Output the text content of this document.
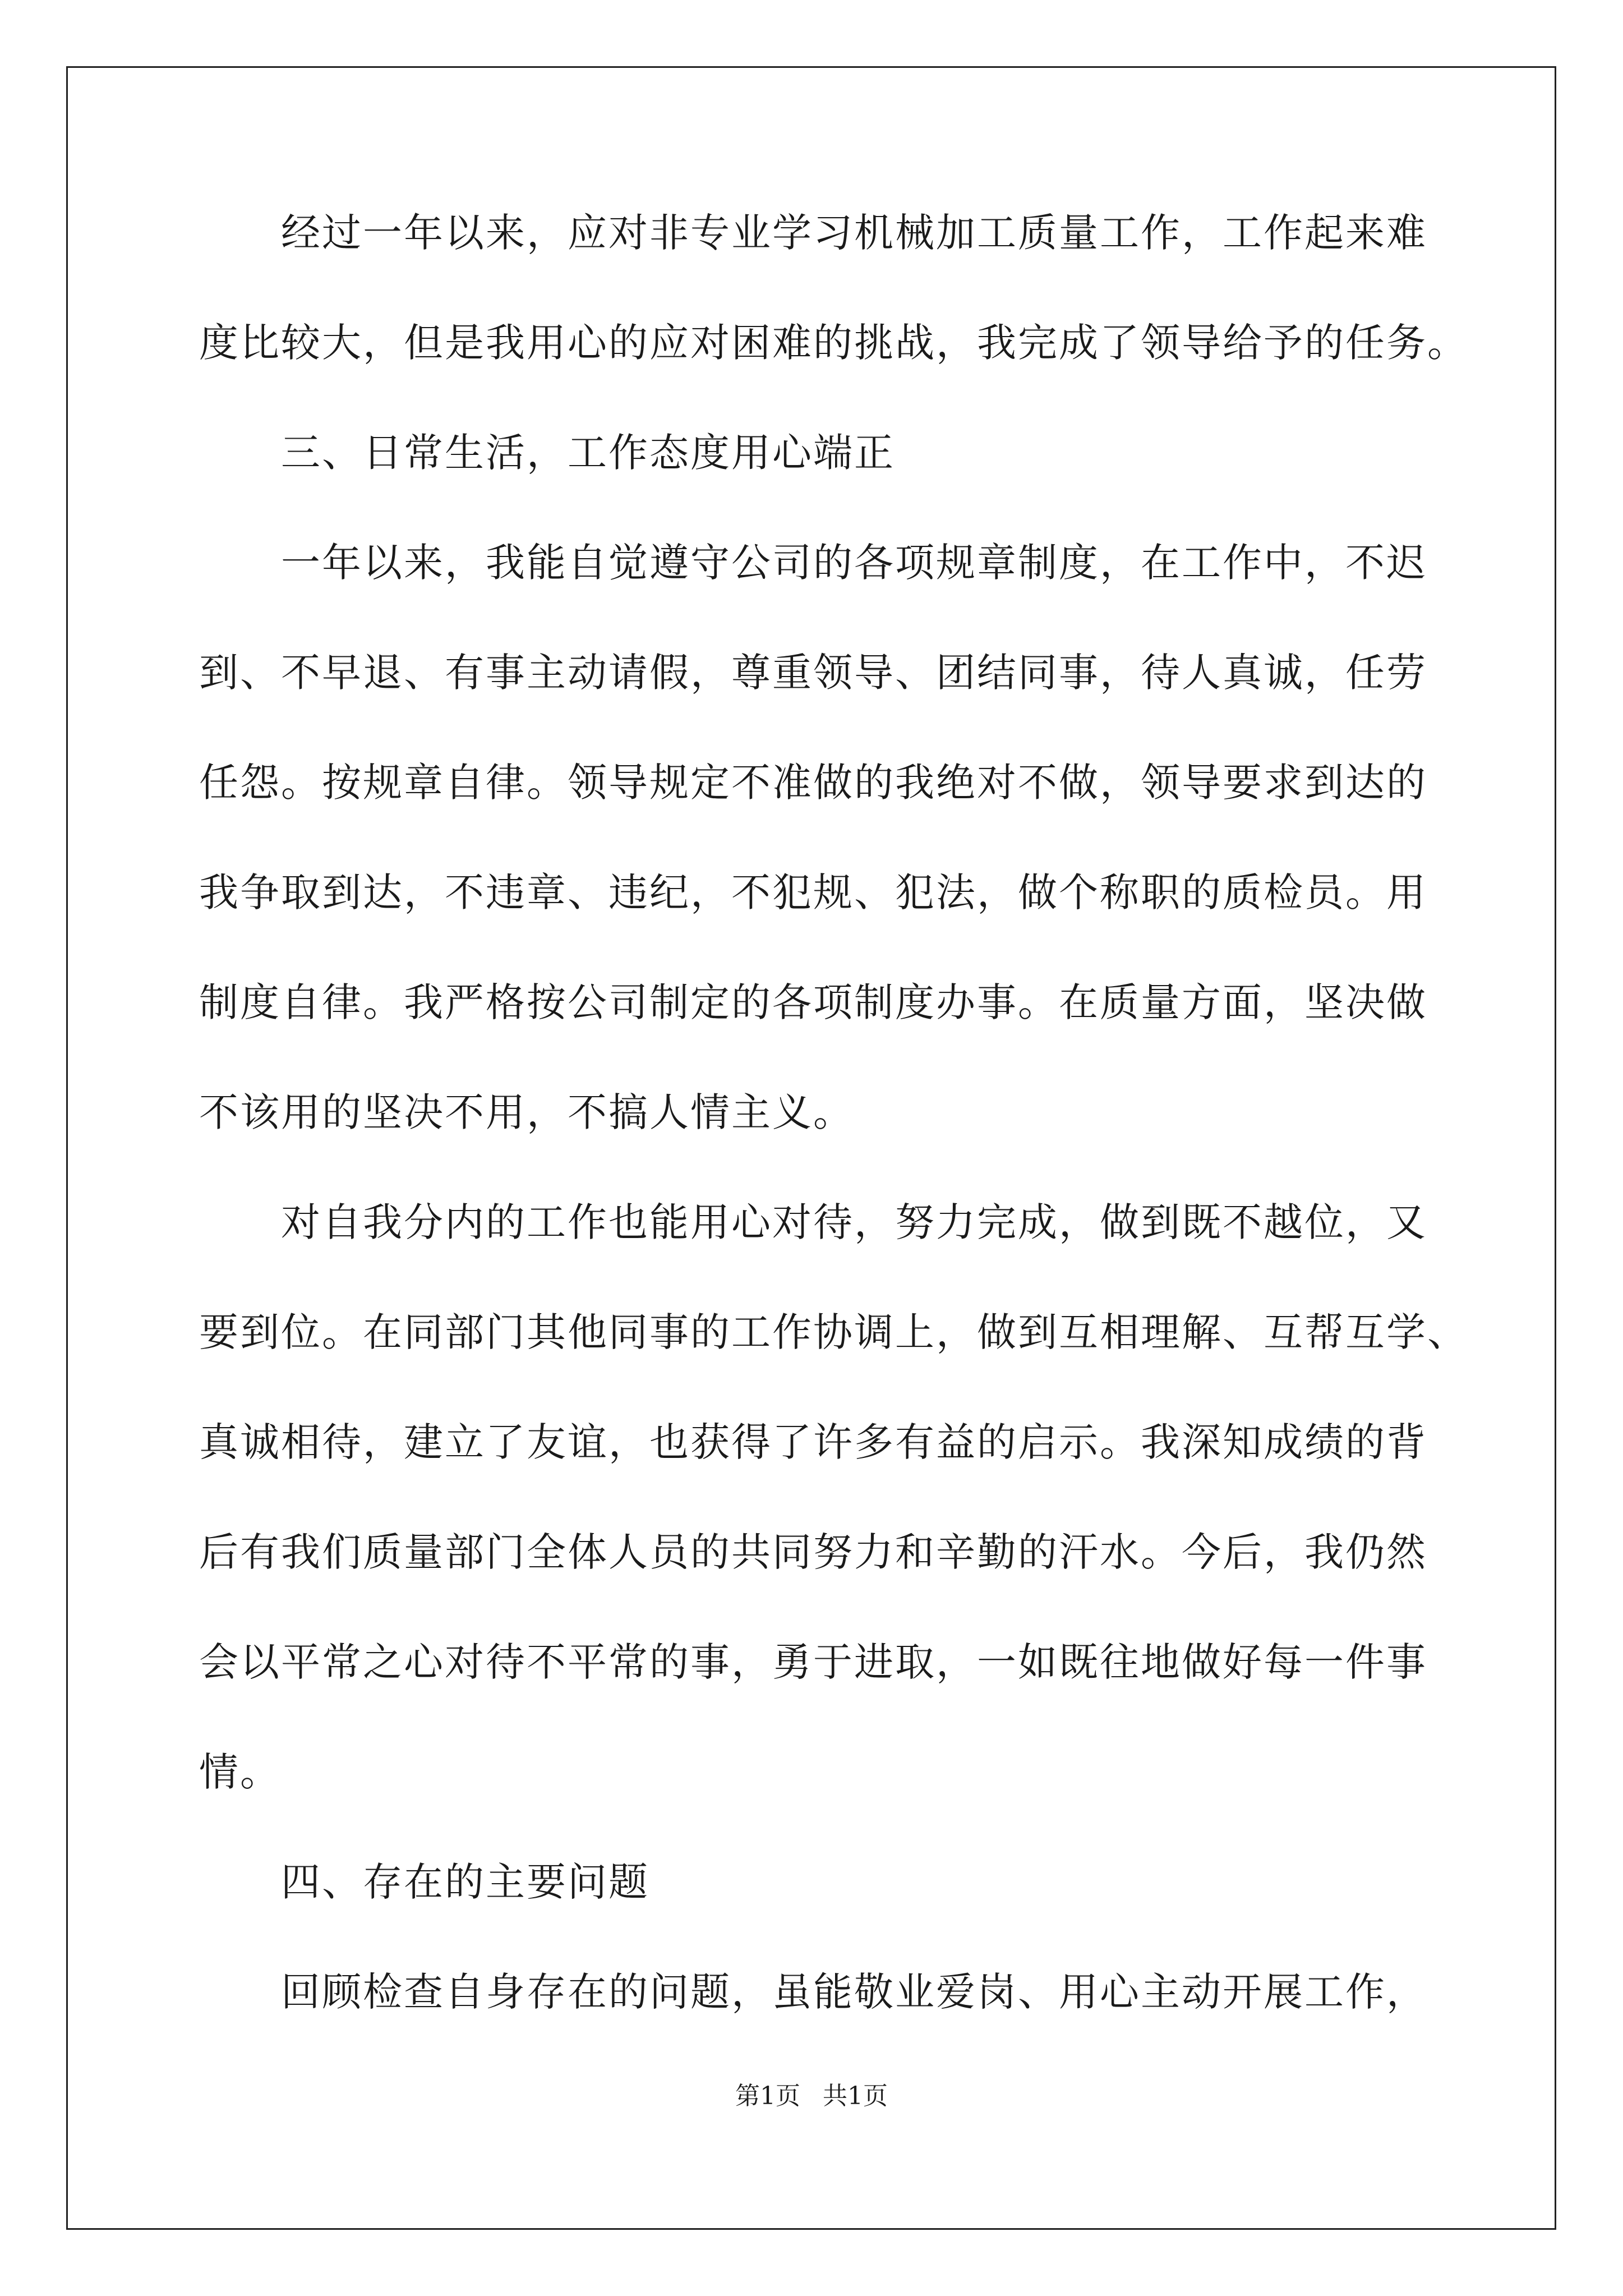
　　经过一年以来，应对非专业学习机械加工质量工作，工作起来难
度比较大，但是我用心的应对困难的挑战，我完成了领导给予的任务。
　　三、日常生活，工作态度用心端正
　　一年以来，我能自觉遵守公司的各项规章制度，在工作中，不迟
到、不早退、有事主动请假，尊重领导、团结同事，待人真诚，任劳
任怨。按规章自律。领导规定不准做的我绝对不做，领导要求到达的
我争取到达，不违章、违纪，不犯规、犯法，做个称职的质检员。用
制度自律。我严格按公司制定的各项制度办事。在质量方面，坚决做
不该用的坚决不用，不搞人情主义。
　　对自我分内的工作也能用心对待，努力完成，做到既不越位，又
要到位。在同部门其他同事的工作协调上，做到互相理解、互帮互学、
真诚相待，建立了友谊，也获得了许多有益的启示。我深知成绩的背
后有我们质量部门全体人员的共同努力和辛勤的汗水。今后，我仍然
会以平常之心对待不平常的事，勇于进取，一如既往地做好每一件事
情。
　　四、存在的主要问题
　　回顾检查自身存在的问题，虽能敬业爱岗、用心主动开展工作，
第1页 共1页
